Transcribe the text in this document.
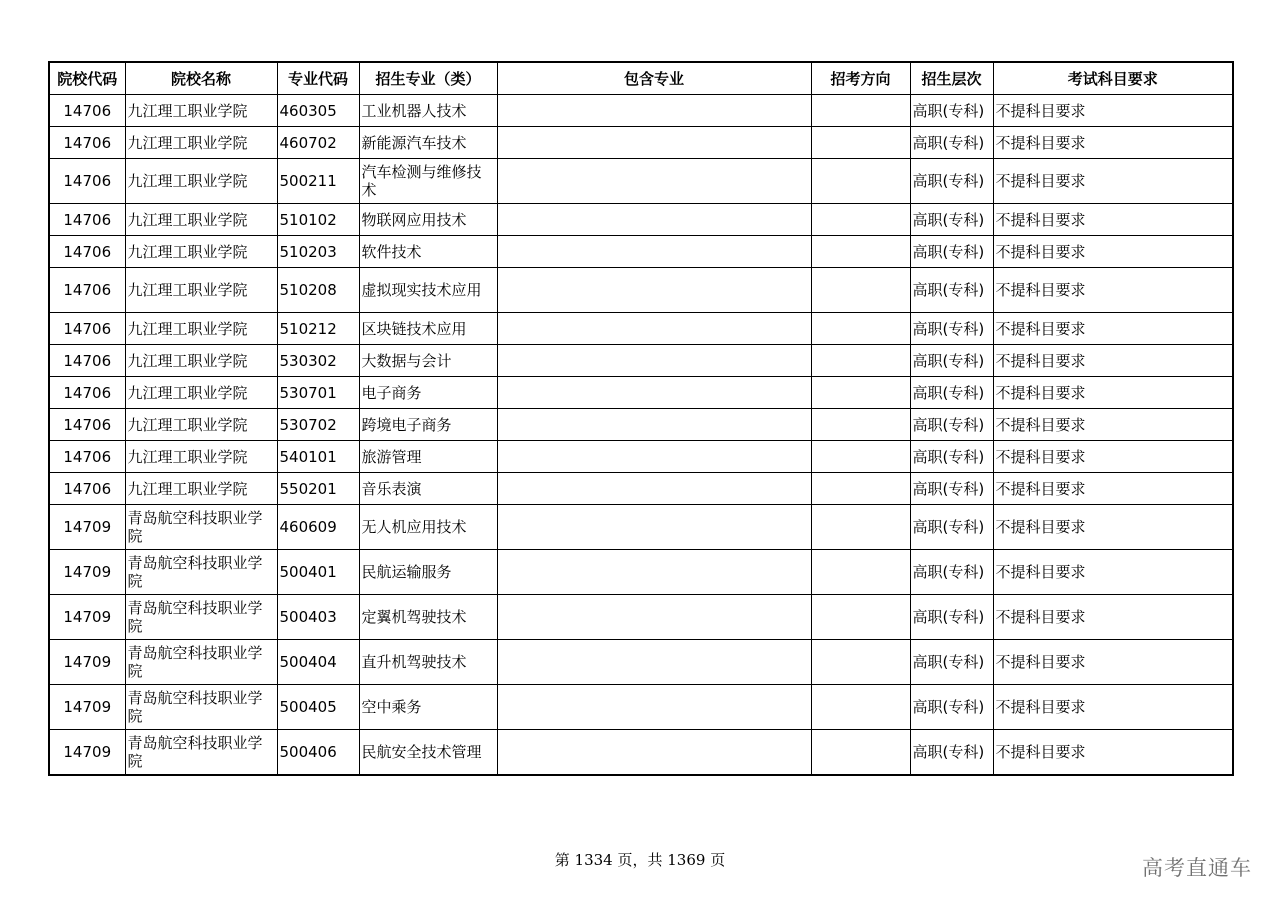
院校代码	院校名称	专业代码	招生专业（类）	包含专业	招考方向	招生层次	考试科目要求
14706	九江理工职业学院	460305	工业机器人技术			高职(专科)	不提科目要求
14706	九江理工职业学院	460702	新能源汽车技术			高职(专科)	不提科目要求
14706	九江理工职业学院	500211	汽车检测与维修技术			高职(专科)	不提科目要求
14706	九江理工职业学院	510102	物联网应用技术			高职(专科)	不提科目要求
14706	九江理工职业学院	510203	软件技术			高职(专科)	不提科目要求
14706	九江理工职业学院	510208	虚拟现实技术应用			高职(专科)	不提科目要求
14706	九江理工职业学院	510212	区块链技术应用			高职(专科)	不提科目要求
14706	九江理工职业学院	530302	大数据与会计			高职(专科)	不提科目要求
14706	九江理工职业学院	530701	电子商务			高职(专科)	不提科目要求
14706	九江理工职业学院	530702	跨境电子商务			高职(专科)	不提科目要求
14706	九江理工职业学院	540101	旅游管理			高职(专科)	不提科目要求
14706	九江理工职业学院	550201	音乐表演			高职(专科)	不提科目要求
14709	青岛航空科技职业学院	460609	无人机应用技术			高职(专科)	不提科目要求
14709	青岛航空科技职业学院	500401	民航运输服务			高职(专科)	不提科目要求
14709	青岛航空科技职业学院	500403	定翼机驾驶技术			高职(专科)	不提科目要求
14709	青岛航空科技职业学院	500404	直升机驾驶技术			高职(专科)	不提科目要求
14709	青岛航空科技职业学院	500405	空中乘务			高职(专科)	不提科目要求
14709	青岛航空科技职业学院	500406	民航安全技术管理			高职(专科)	不提科目要求
第 1334 页，共 1369 页	高考直通车
